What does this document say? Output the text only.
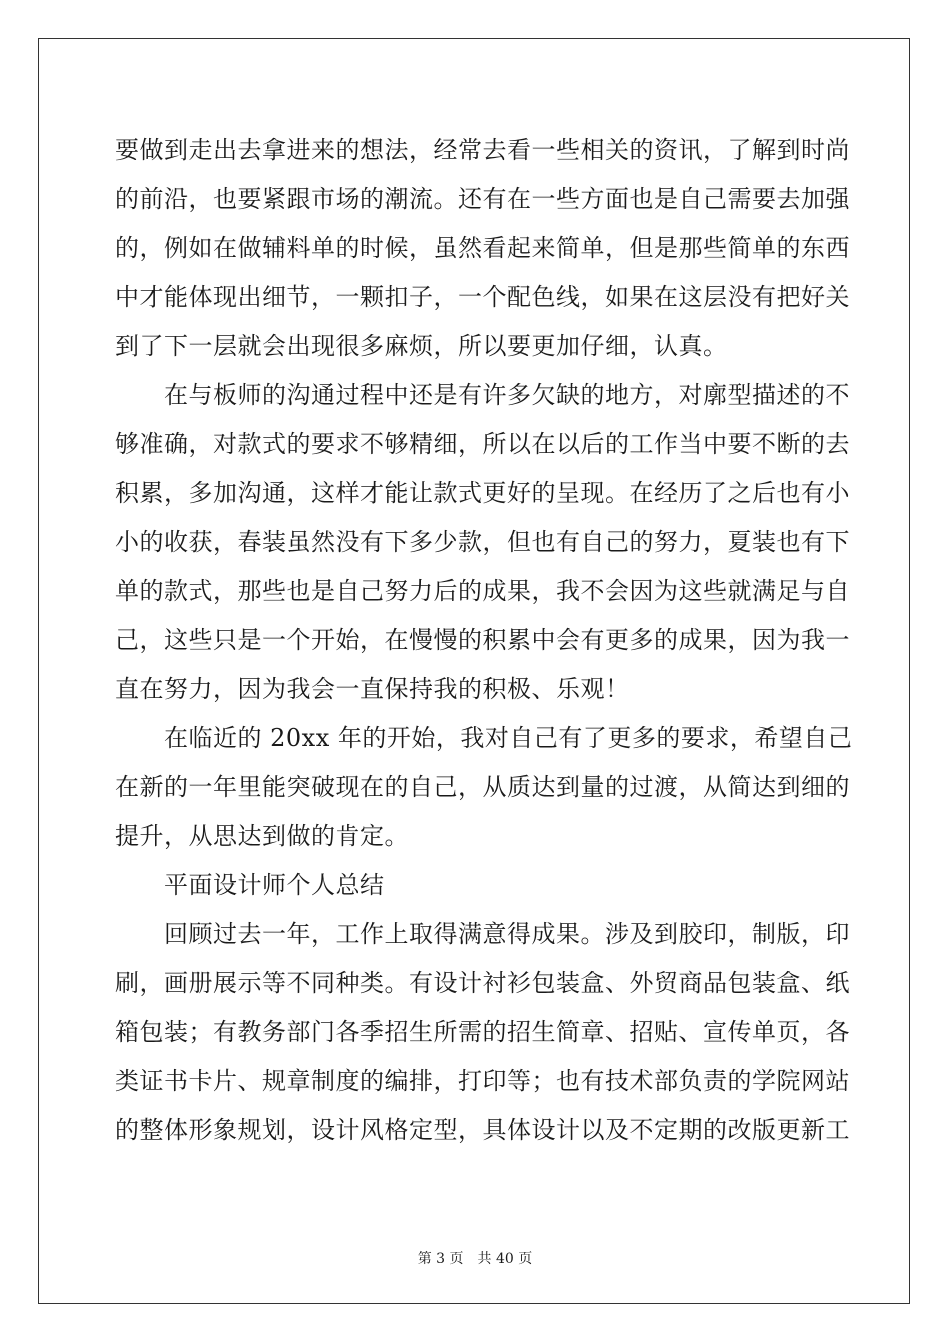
要做到走出去拿进来的想法，经常去看一些相关的资讯，了解到时尚
的前沿，也要紧跟市场的潮流。还有在一些方面也是自己需要去加强
的，例如在做辅料单的时候，虽然看起来简单，但是那些简单的东西
中才能体现出细节，一颗扣子，一个配色线，如果在这层没有把好关
到了下一层就会出现很多麻烦，所以要更加仔细，认真。
　　在与板师的沟通过程中还是有许多欠缺的地方，对廓型描述的不
够准确，对款式的要求不够精细，所以在以后的工作当中要不断的去
积累，多加沟通，这样才能让款式更好的呈现。在经历了之后也有小
小的收获，春装虽然没有下多少款，但也有自己的努力，夏装也有下
单的款式，那些也是自己努力后的成果，我不会因为这些就满足与自
己，这些只是一个开始，在慢慢的积累中会有更多的成果，因为我一
直在努力，因为我会一直保持我的积极、乐观！
　　在临近的 20xx 年的开始，我对自己有了更多的要求，希望自己
在新的一年里能突破现在的自己，从质达到量的过渡，从简达到细的
提升，从思达到做的肯定。
　　平面设计师个人总结
　　回顾过去一年，工作上取得满意得成果。涉及到胶印，制版，印
刷，画册展示等不同种类。有设计衬衫包装盒、外贸商品包装盒、纸
箱包装；有教务部门各季招生所需的招生简章、招贴、宣传单页，各
类证书卡片、规章制度的编排，打印等；也有技术部负责的学院网站
的整体形象规划，设计风格定型，具体设计以及不定期的改版更新工
第 3 页　共 40 页
